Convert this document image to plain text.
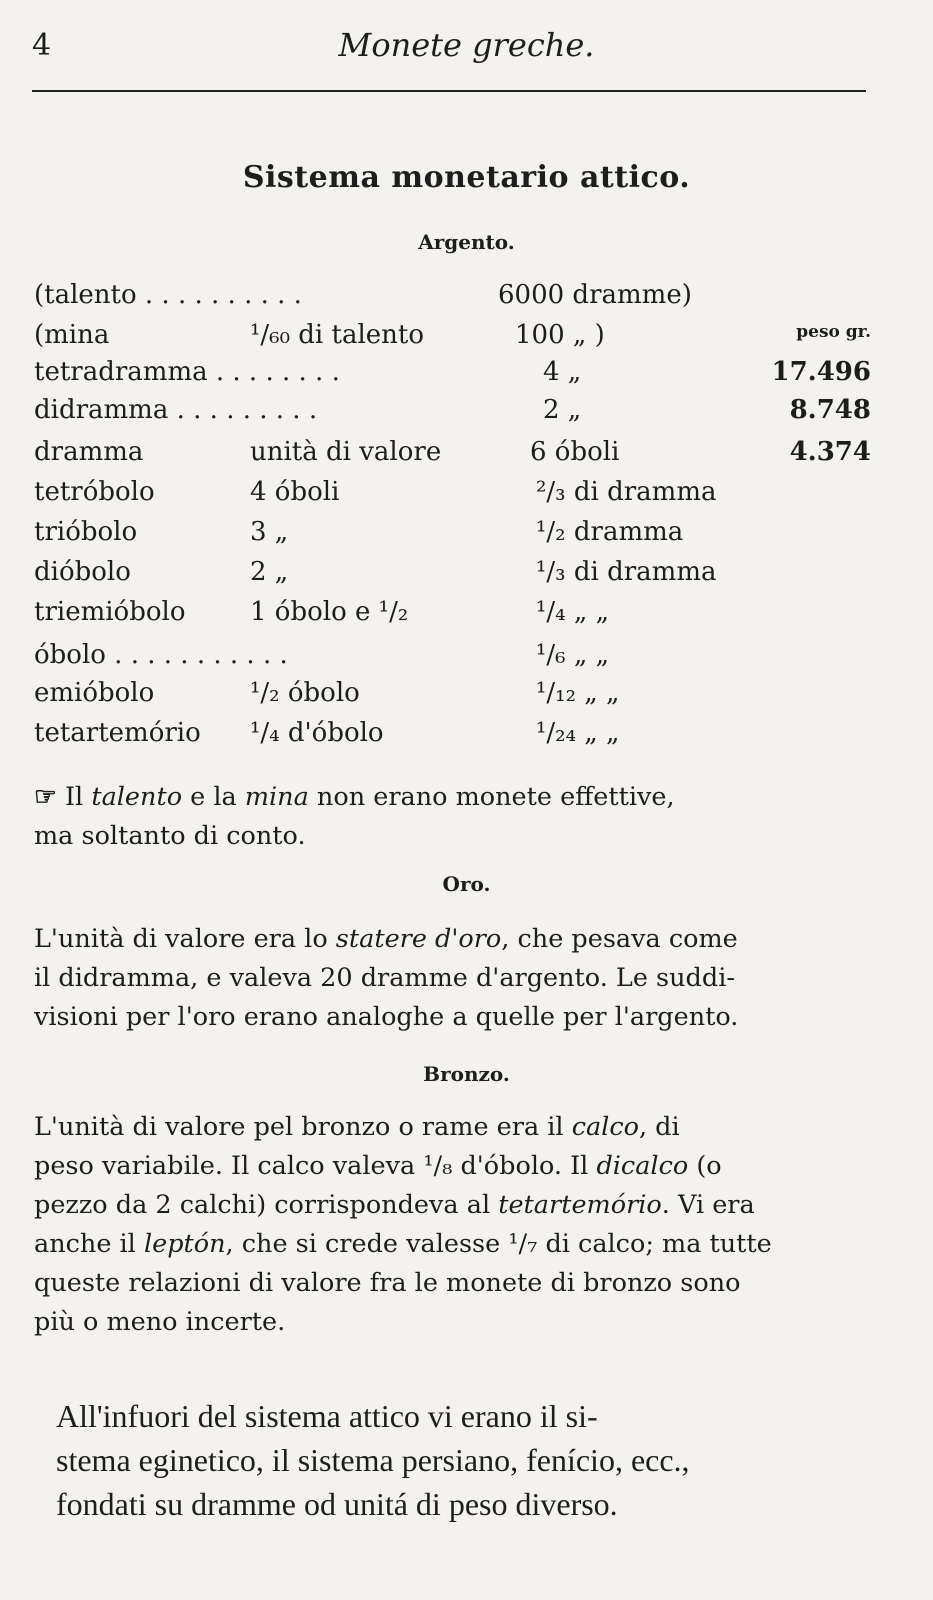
4	Monete greche.
Sistema monetario attico.
Argento.
peso gr.
(talento . . . . . . . . . .	6000 dramme)
(mina	¹/₆₀ di talento	100 „ )
tetradramma . . . . . . . .	4 „	17.496
didramma . . . . . . . . .	2 „	8.748
dramma	unità di valore	6 óboli	4.374
tetróbolo	4 óboli	²/₃ di dramma
trióbolo	3 „	¹/₂ dramma
dióbolo	2 „	¹/₃ di dramma
triemióbolo 1 óbolo e ¹/₂	¹/₄ „ „
óbolo . . . . . . . . . . .	¹/₆ „ „
emióbolo	¹/₂ óbolo	¹/₁₂ „ „
tetartemório ¹/₄ d'óbolo	¹/₂₄ „ „
☞ Il talento e la mina non erano monete effettive,
ma soltanto di conto.
Oro.
L'unità di valore era lo statere d'oro, che pesava come
il didramma, e valeva 20 dramme d'argento. Le suddi-
visioni per l'oro erano analoghe a quelle per l'argento.
Bronzo.
L'unità di valore pel bronzo o rame era il calco, di
peso variabile. Il calco valeva ¹/₈ d'óbolo. Il dicalco (o
pezzo da 2 calchi) corrispondeva al tetartemório. Vi era
anche il leptón, che si crede valesse ¹/₇ di calco; ma tutte
queste relazioni di valore fra le monete di bronzo sono
più o meno incerte.
All'infuori del sistema attico vi erano il si-
stema eginetico, il sistema persiano, fenício, ecc.,
fondati su dramme od unitá di peso diverso.
